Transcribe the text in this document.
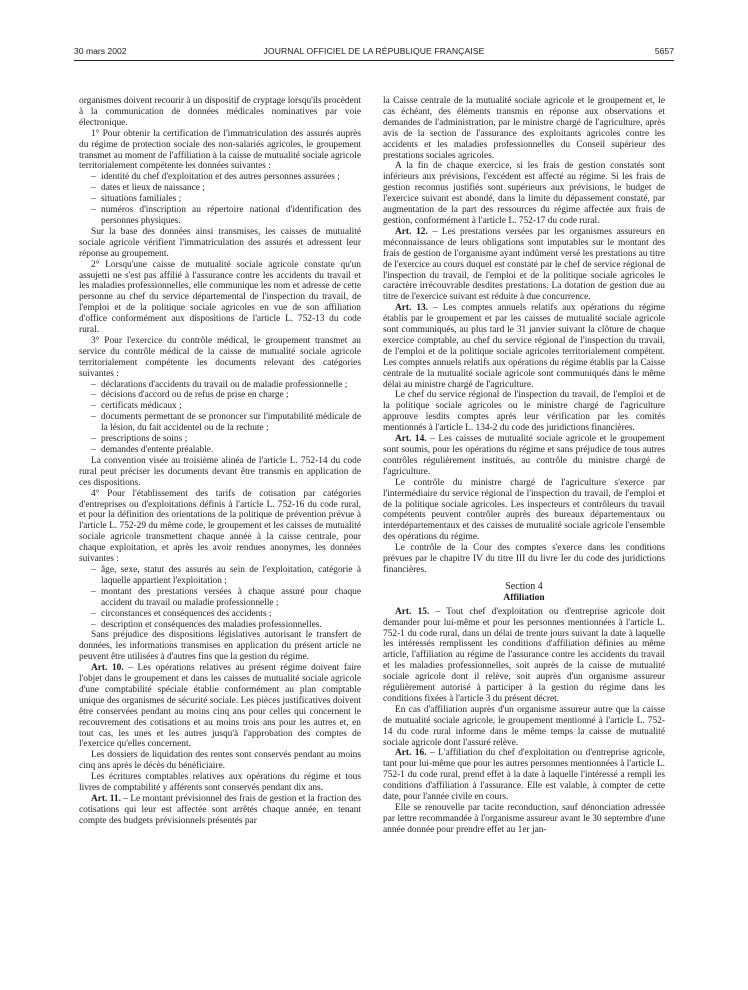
30 mars 2002	JOURNAL OFFICIEL DE LA RÉPUBLIQUE FRANÇAISE	5657

organismes doivent recourir à un dispositif de cryptage lorsqu'ils procèdent à la communication de données médicales nominatives par voie électronique.

1° Pour obtenir la certification de l'immatriculation des assurés auprès du régime de protection sociale des non-salariés agricoles, le groupement transmet au moment de l'affiliation à la caisse de mutualité sociale agricole territorialement compétente les données suivantes :

– identité du chef d'exploitation et des autres personnes assurées ;
– dates et lieux de naissance ;
– situations familiales ;
– numéros d'inscription au répertoire national d'identification des personnes physiques.

Sur la base des données ainsi transmises, les caisses de mutualité sociale agricole vérifient l'immatriculation des assurés et adressent leur réponse au groupement.

2° Lorsqu'une caisse de mutualité sociale agricole constate qu'un assujetti ne s'est pas affilié à l'assurance contre les accidents du travail et les maladies professionnelles, elle communique les nom et adresse de cette personne au chef du service départemental de l'inspection du travail, de l'emploi et de la politique sociale agricoles en vue de son affiliation d'office conformément aux dispositions de l'article L. 752-13 du code rural.

3° Pour l'exercice du contrôle médical, le groupement transmet au service du contrôle médical de la caisse de mutualité sociale agricole territorialement compétente les documents relevant des catégories suivantes :

– déclarations d'accidents du travail ou de maladie professionnelle ;
– décisions d'accord ou de refus de prise en charge ;
– certificats médicaux ;
– documents permettant de se prononcer sur l'imputabilité médicale de la lésion, du fait accidentel ou de la rechute ;
– prescriptions de soins ;
– demandes d'entente préalable.

La convention visée au troisième alinéa de l'article L. 752-14 du code rural peut préciser les documents devant être transmis en application de ces dispositions.

4° Pour l'établissement des tarifs de cotisation par catégories d'entreprises ou d'exploitations définis à l'article L. 752-16 du code rural, et pour la définition des orientations de la politique de prévention prévue à l'article L. 752-29 du même code, le groupement et les caisses de mutualité sociale agricole transmettent chaque année à la caisse centrale, pour chaque exploitation, et après les avoir rendues anonymes, les données suivantes :

– âge, sexe, statut des assurés au sein de l'exploitation, catégorie à laquelle appartient l'exploitation ;
– montant des prestations versées à chaque assuré pour chaque accident du travail ou maladie professionnelle ;
– circonstances et conséquences des accidents ;
– description et conséquences des maladies professionnelles.

Sans préjudice des dispositions législatives autorisant le transfert de données, les informations transmises en application du présent article ne peuvent être utilisées à d'autres fins que la gestion du régime.

Art. 10. – Les opérations relatives au présent régime doivent faire l'objet dans le groupement et dans les caisses de mutualité sociale agricole d'une comptabilité spéciale établie conformément au plan comptable unique des organismes de sécurité sociale. Les pièces justificatives doivent être conservées pendant au moins cinq ans pour celles qui concernent le recouvrement des cotisations et au moins trois ans pour les autres et, en tout cas, les unes et les autres jusqu'à l'approbation des comptes de l'exercice qu'elles concernent.

Les dossiers de liquidation des rentes sont conservés pendant au moins cinq ans après le décès du bénéficiaire.

Les écritures comptables relatives aux opérations du régime et tous livres de comptabilité y afférents sont conservés pendant dix ans.

Art. 11. – Le montant prévisionnel des frais de gestion et la fraction des cotisations qui leur est affectée sont arrêtés chaque année, en tenant compte des budgets prévisionnels présentés par

la Caisse centrale de la mutualité sociale agricole et le groupement et, le cas échéant, des éléments transmis en réponse aux observations et demandes de l'administration, par le ministre chargé de l'agriculture, après avis de la section de l'assurance des exploitants agricoles contre les accidents et les maladies professionnelles du Conseil supérieur des prestations sociales agricoles.

A la fin de chaque exercice, si les frais de gestion constatés sont inférieurs aux prévisions, l'excédent est affecté au régime. Si les frais de gestion reconnus justifiés sont supérieurs aux prévisions, le budget de l'exercice suivant est abondé, dans la limite du dépassement constaté, par augmentation de la part des ressources du régime affectée aux frais de gestion, conformément à l'article L. 752-17 du code rural.

Art. 12. – Les prestations versées par les organismes assureurs en méconnaissance de leurs obligations sont imputables sur le montant des frais de gestion de l'organisme ayant indûment versé les prestations au titre de l'exercice au cours duquel est constaté par le chef de service régional de l'inspection du travail, de l'emploi et de la politique sociale agricoles le caractère irrécouvrable desdites prestations. La dotation de gestion due au titre de l'exercice suivant est réduite à due concurrence.

Art. 13. – Les comptes annuels relatifs aux opérations du régime établis par le groupement et par les caisses de mutualité sociale agricole sont communiqués, au plus tard le 31 janvier suivant la clôture de chaque exercice comptable, au chef du service régional de l'inspection du travail, de l'emploi et de la politique sociale agricoles territorialement compétent. Les comptes annuels relatifs aux opérations du régime établis par la Caisse centrale de la mutualité sociale agricole sont communiqués dans le même délai au ministre chargé de l'agriculture.

Le chef du service régional de l'inspection du travail, de l'emploi et de la politique sociale agricoles ou le ministre chargé de l'agriculture approuve lesdits comptes après leur vérification par les comités mentionnés à l'article L. 134-2 du code des juridictions financières.

Art. 14. – Les caisses de mutualité sociale agricole et le groupement sont soumis, pour les opérations du régime et sans préjudice de tous autres contrôles régulièrement institués, au contrôle du ministre chargé de l'agriculture.

Le contrôle du ministre chargé de l'agriculture s'exerce par l'intermédiaire du service régional de l'inspection du travail, de l'emploi et de la politique sociale agricoles. Les inspecteurs et contrôleurs du travail compétents peuvent contrôler auprès des bureaux départementaux ou interdépartementaux et des caisses de mutualité sociale agricole l'ensemble des opérations du régime.

Le contrôle de la Cour des comptes s'exerce dans les conditions prévues par le chapitre IV du titre III du livre Ier du code des juridictions financières.

Section 4

Affiliation

Art. 15. – Tout chef d'exploitation ou d'entreprise agricole doit demander pour lui-même et pour les personnes mentionnées à l'article L. 752-1 du code rural, dans un délai de trente jours suivant la date à laquelle les intéressés remplissent les conditions d'affiliation définies au même article, l'affiliation au régime de l'assurance contre les accidents du travail et les maladies professionnelles, soit auprès de la caisse de mutualité sociale agricole dont il relève, soit auprès d'un organisme assureur régulièrement autorisé à participer à la gestion du régime dans les conditions fixées à l'article 3 du présent décret.

En cas d'affiliation auprès d'un organisme assureur autre que la caisse de mutualité sociale agricole, le groupement mentionné à l'article L. 752-14 du code rural informe dans le même temps la caisse de mutualité sociale agricole dont l'assuré relève.

Art. 16. – L'affiliation du chef d'exploitation ou d'entreprise agricole, tant pour lui-même que pour les autres personnes mentionnées à l'article L. 752-1 du code rural, prend effet à la date à laquelle l'intéressé a rempli les conditions d'affiliation à l'assurance. Elle est valable, à compter de cette date, pour l'année civile en cours.

Elle se renouvelle par tacite reconduction, sauf dénonciation adressée par lettre recommandée à l'organisme assureur avant le 30 septembre d'une année donnée pour prendre effet au 1er jan-
